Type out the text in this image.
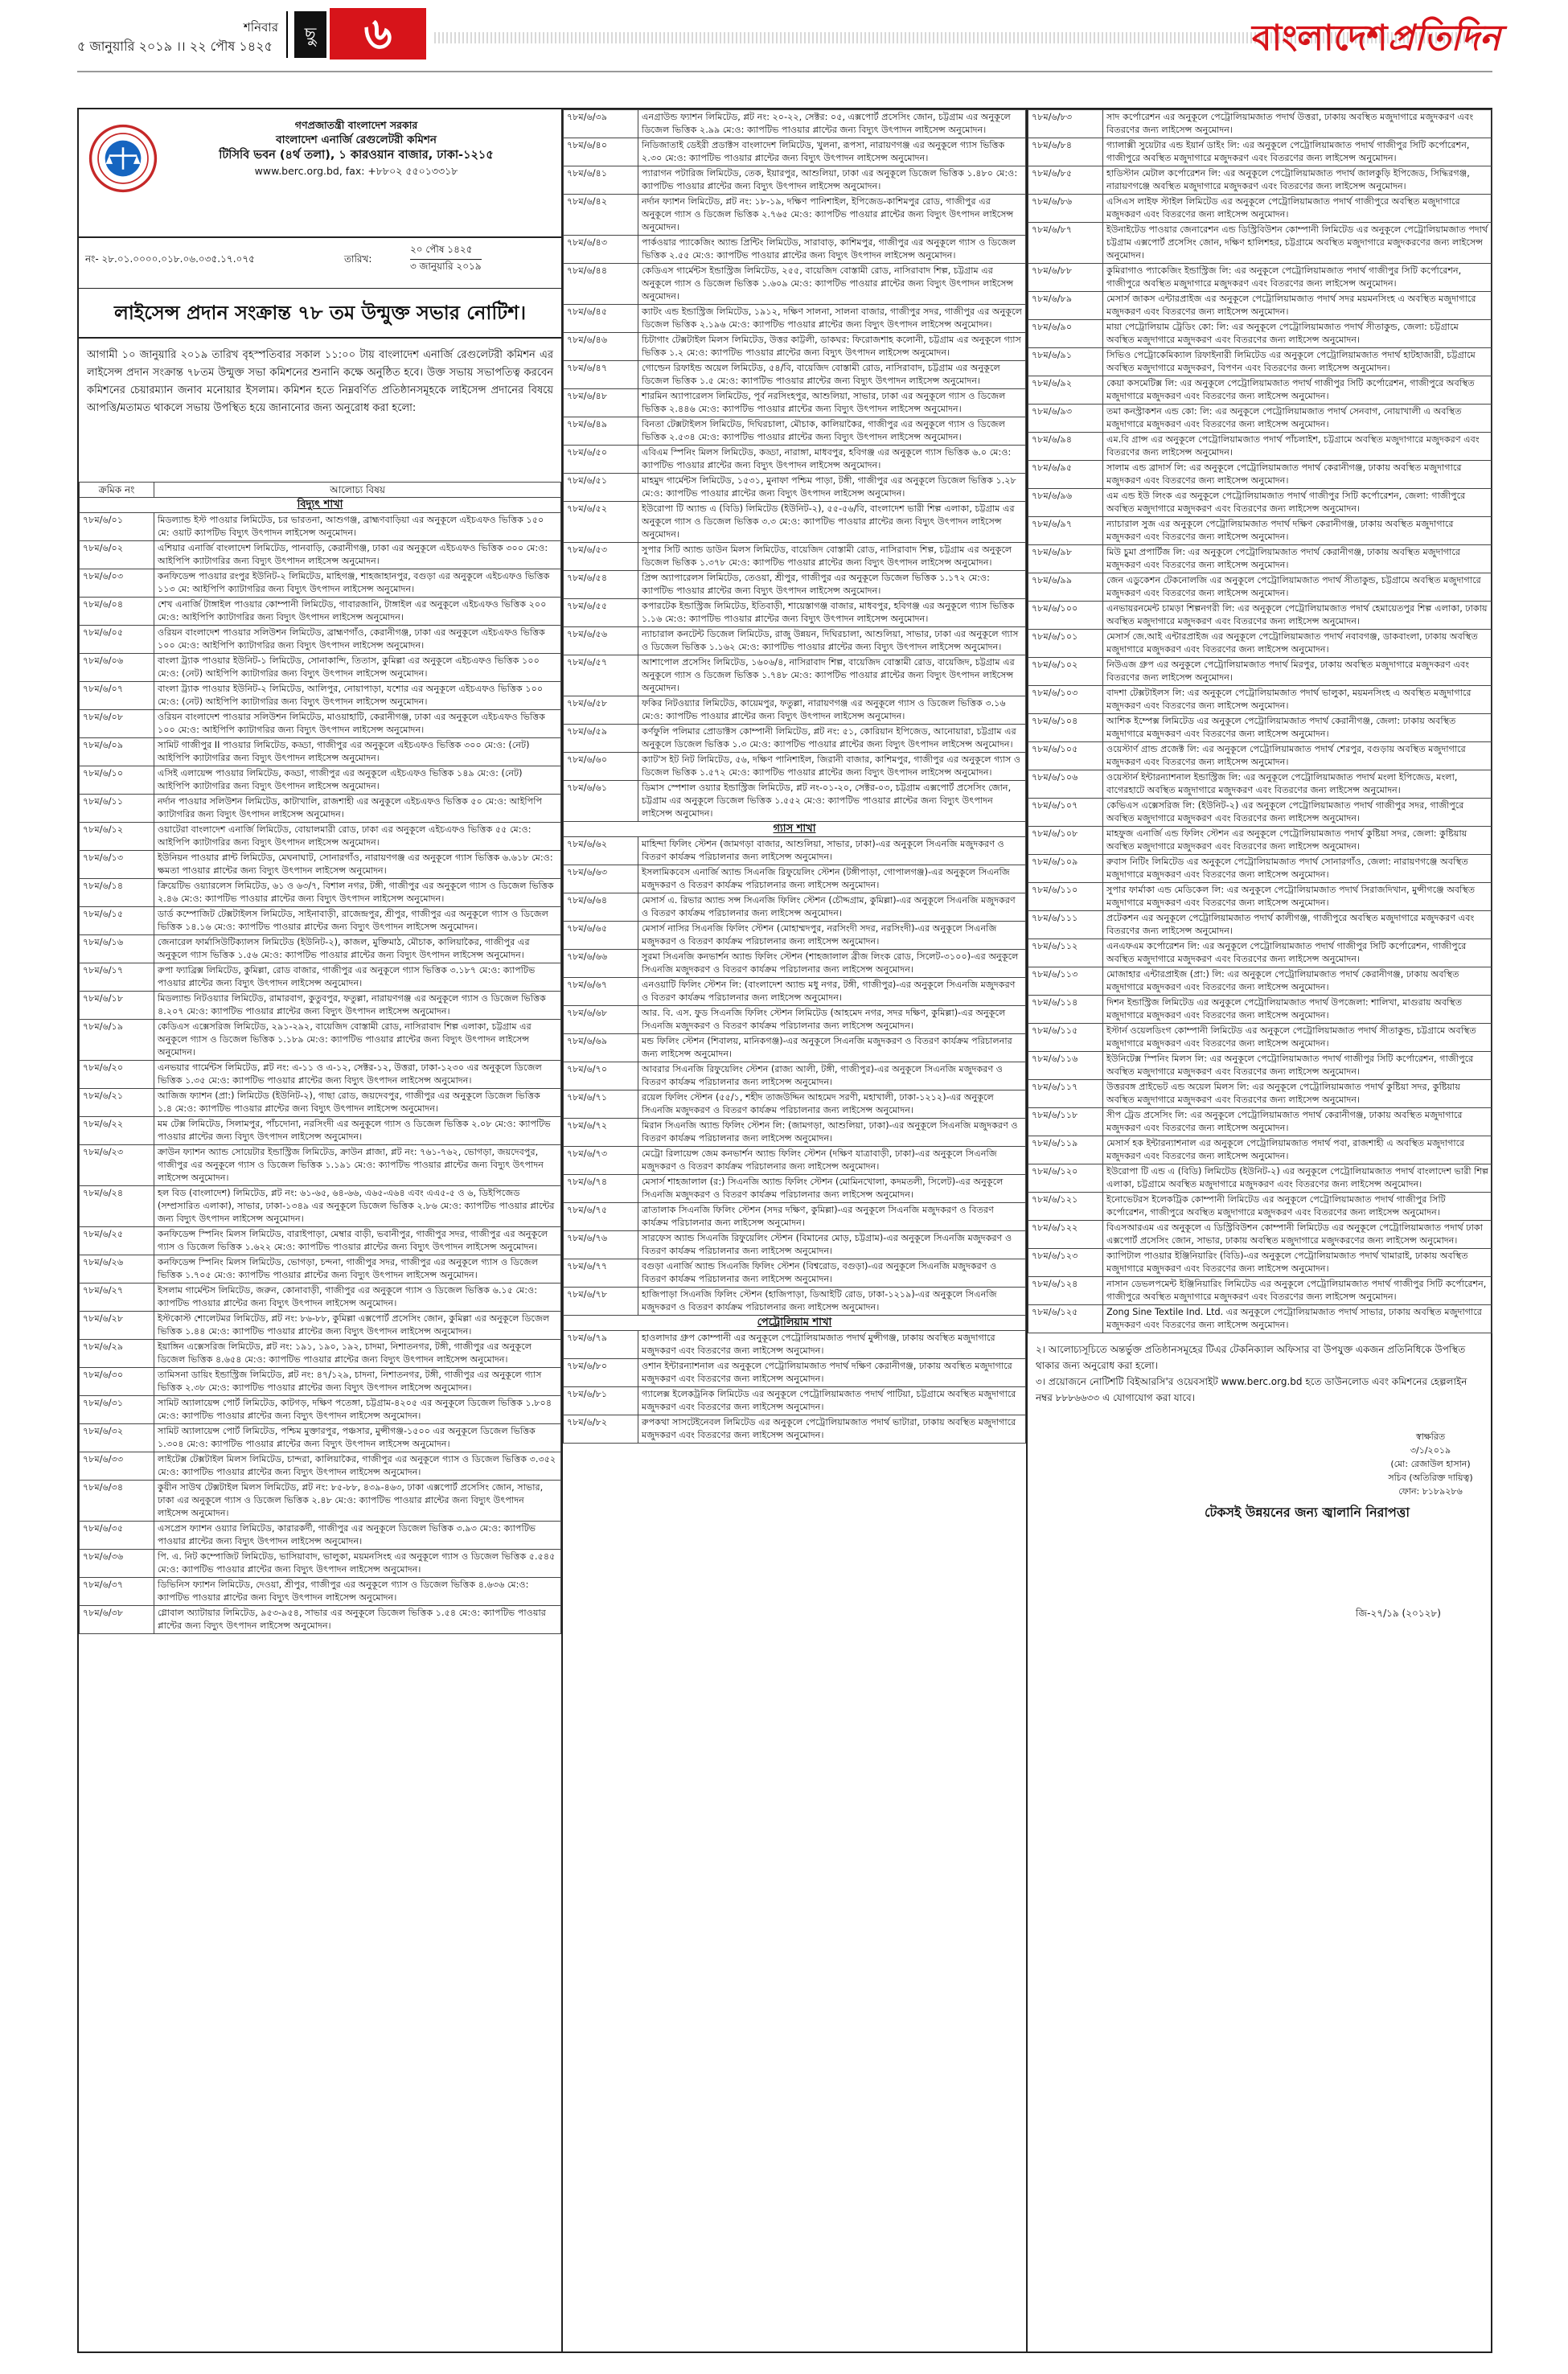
শনিবার
৫ জানুয়ারি ২০১৯ ।। ২২ পৌষ ১৪২৫
ছু	৬	বাংলাদেশপ্রতিদিন
গণপ্রজাতন্ত্রী বাংলাদেশ সরকার
বাংলাদেশ এনার্জি রেগুলেটরী কমিশন
টিসিবি ভবন (৪র্থ তলা), ১ কারওয়ান বাজার, ঢাকা-১২১৫
www.berc.org.bd, fax: +৮৮০২ ৫৫০১৩৩১৮
নং- ২৮.০১.০০০০.০১৮.০৬.০৩৫.১৭.০৭৫	তারিখ:
২০ পৌষ ১৪২৫
৩ জানুয়ারি ২০১৯
লাইসেন্স প্রদান সংক্রান্ত ৭৮ তম উন্মুক্ত সভার নোটিশ।
আগামী ১০ জানুয়ারি ২০১৯ তারিখ বৃহস্পতিবার সকাল ১১:০০ টায় বাংলাদেশ এনার্জি রেগুলেটরী কমিশন এর লাইসেন্স প্রদান সংক্রান্ত ৭৮তম উন্মুক্ত সভা কমিশনের শুনানি কক্ষে অনুষ্ঠিত হবে। উক্ত সভায় সভাপতিত্ব করবেন কমিশনের চেয়ারম্যান জনাব মনোয়ার ইসলাম। কমিশন হতে নিম্নবর্ণিত প্রতিষ্ঠানসমূহকে লাইসেন্স প্রদানের বিষয়ে আপত্তি/মতামত থাকলে সভায় উপস্থিত হয়ে জানানোর জন্য অনুরোধ করা হলো:
ক্রমিক নং	আলোচ্য বিষয়
বিদ্যুৎ শাখা	
৭৮ম/৬/০১	মিডল্যান্ড ইস্ট পাওয়ার লিমিটেড, চর ভারতনা, আশুগঞ্জ, ব্রাহ্মণবাড়িয়া এর অনুকূলে এইচএফও ভিত্তিক ১৫০ মে: ওয়াট ক্যাপটিভ বিদ্যুৎ উৎপাদন লাইসেন্স অনুমোদন।
৭৮ম/৬/০২	এশিয়ার এনার্জি বাংলাদেশ লিমিটেড, পানবাড়ি, কেরানীগঞ্জ, ঢাকা এর অনুকূলে এইচএফও ভিত্তিক ৩০০ মে:ও: আইপিপি ক্যাটাগরির জন্য বিদ্যুৎ উৎপাদন লাইসেন্স অনুমোদন।
৭৮ম/৬/০৩	কনফিডেন্স পাওয়ার রংপুর ইউনিট-২ লিমিটেড, মাহিগঞ্জ, শাহজাহানপুর, বগুড়া এর অনুকূলে এইচএফও ভিত্তিক ১১৩ মে: আইপিপি ক্যাটাগরির জন্য বিদ্যুৎ উৎপাদন লাইসেন্স অনুমোদন।
৭৮ম/৬/০৪	শেখ এনার্জি টাঙ্গাইল পাওয়ার কোম্পানী লিমিটেড, গাবারজানি, টাঙ্গাইল এর অনুকূলে এইচএফও ভিত্তিক ২০০ মে:ও: আইপিপি ক্যাটাগরির জন্য বিদ্যুৎ উৎপাদন লাইসেন্স অনুমোদন।
৭৮ম/৬/০৫	ওরিয়ন বাংলাদেশ পাওয়ার সলিউশন লিমিটেড, ব্রাহ্মণগাঁও, কেরানীগঞ্জ, ঢাকা এর অনুকূলে এইচএফও ভিত্তিক ১০০ মে:ও: আইপিপি ক্যাটাগরির জন্য বিদ্যুৎ উৎপাদন লাইসেন্স অনুমোদন।
৭৮ম/৬/০৬	বাংলা ট্র্যাক পাওয়ার ইউনিট-১ লিমিটেড, সোনাকান্দি, তিতাস, কুমিল্লা এর অনুকূলে এইচএফও ভিত্তিক ১০০ মে:ও: (নেট) আইপিপি ক্যাটাগরির জন্য বিদ্যুৎ উৎপাদন লাইসেন্স অনুমোদন।
৭৮ম/৬/০৭	বাংলা ট্র্যাক পাওয়ার ইউনিট-২ লিমিটেড, আলিপুর, নোয়াপাড়া, যশোর এর অনুকূলে এইচএফও ভিত্তিক ১০০ মে:ও: (নেট) আইপিপি ক্যাটাগরির জন্য বিদ্যুৎ উৎপাদন লাইসেন্স অনুমোদন।
৭৮ম/৬/০৮	ওরিয়ন বাংলাদেশ পাওয়ার সলিউশন লিমিটেড, মাওয়াহাটি, কেরানীগঞ্জ, ঢাকা এর অনুকূলে এইচএফও ভিত্তিক ১০০ মে:ও: আইপিপি ক্যাটাগরির জন্য বিদ্যুৎ উৎপাদন লাইসেন্স অনুমোদন।
৭৮ম/৬/০৯	সামিট গাজীপুর II পাওয়ার লিমিটেড, কড্ডা, গাজীপুর এর অনুকূলে এইচএফও ভিত্তিক ৩০০ মে:ও: (নেট) আইপিপি ক্যাটাগরির জন্য বিদ্যুৎ উৎপাদন লাইসেন্স অনুমোদন।
৭৮ম/৬/১০	এসিই এলায়েন্স পাওয়ার লিমিটেড, কড্ডা, গাজীপুর এর অনুকূলে এইচএফও ভিত্তিক ১৪৯ মে:ও: (নেট) আইপিপি ক্যাটাগরির জন্য বিদ্যুৎ উৎপাদন লাইসেন্স অনুমোদন।
৭৮ম/৬/১১	নর্দান পাওয়ার সলিউশন লিমিটেড, কাটাখালি, রাজশাহী এর অনুকূলে এইচএফও ভিত্তিক ৫০ মে:ও: আইপিপি ক্যাটাগরির জন্য বিদ্যুৎ উৎপাদন লাইসেন্স অনুমোদন।
৭৮ম/৬/১২	ওয়াটেরা বাংলাদেশ এনার্জি লিমিটেড, বোয়ালমারী রোড, ঢাকা এর অনুকূলে এইচএফও ভিত্তিক ৫৫ মে:ও: আইপিপি ক্যাটাগরির জন্য বিদ্যুৎ উৎপাদন লাইসেন্স অনুমোদন।
৭৮ম/৬/১৩	ইউনিয়ন পাওয়ার প্লান্ট লিমিটেড, মেঘনাঘাট, সোনারগাঁও, নারায়ণগঞ্জ এর অনুকূলে গ্যাস ভিত্তিক ৬.৬১৮ মে:ও: ক্ষমতা পাওয়ার প্লান্টের জন্য বিদ্যুৎ উৎপাদন লাইসেন্স অনুমোদন।
৭৮ম/৬/১৪	ক্রিয়েটিভ ওয়্যারলেস লিমিটেড, ৬১ ও ৬৩/৭, বিশাল নগর, টঙ্গী, গাজীপুর এর অনুকূলে গ্যাস ও ডিজেল ভিত্তিক ২.৪৬ মে:ও: ক্যাপটিভ পাওয়ার প্লান্টের জন্য বিদ্যুৎ উৎপাদন লাইসেন্স অনুমোদন।
৭৮ম/৬/১৫	ডার্ড কম্পোজিট টেক্সটাইলস লিমিটেড, সাইনাবাড়ী, রাজেন্দ্রপুর, শ্রীপুর, গাজীপুর এর অনুকূলে গ্যাস ও ডিজেল ভিত্তিক ১৪.১৬ মে:ও: ক্যাপটিভ পাওয়ার প্লান্টের জন্য বিদ্যুৎ উৎপাদন লাইসেন্স অনুমোদন।
৭৮ম/৬/১৬	জেনারেল ফার্মাসিউটিক্যালস লিমিটেড (ইউনিট-২), কাজল, মুক্তিমাঠ, মৌচাক, কালিয়াকৈর, গাজীপুর এর অনুকূলে গ্যাস ভিত্তিক ১.৫৬ মে:ও: ক্যাপটিভ পাওয়ার প্লান্টের জন্য বিদ্যুৎ উৎপাদন লাইসেন্স অনুমোদন।
৭৮ম/৬/১৭	রুপা ফ্যাব্রিক্স লিমিটেড, কুমিল্লা, রোড বাজার, গাজীপুর এর অনুকূলে গ্যাস ভিত্তিক ৩.১৮৭ মে:ও: ক্যাপটিভ পাওয়ার প্লান্টের জন্য বিদ্যুৎ উৎপাদন লাইসেন্স অনুমোদন।
৭৮ম/৬/১৮	মিডল্যান্ড নিটওয়্যার লিমিটেড, রামারবাগ, কুতুবপুর, ফতুল্লা, নারায়ণগঞ্জ এর অনুকূলে গ্যাস ও ডিজেল ভিত্তিক ৪.২০৭ মে:ও: ক্যাপটিভ পাওয়ার প্লান্টের জন্য বিদ্যুৎ উৎপাদন লাইসেন্স অনুমোদন।
৭৮ম/৬/১৯	কেডিএস এক্সেসরিজ লিমিটেড, ২৯১-২৯২, বায়েজিদ বোস্তামী রোড, নাসিরাবাদ শিল্প এলাকা, চট্টগ্রাম এর অনুকূলে গ্যাস ও ডিজেল ভিত্তিক ১.১৮৯ মে:ও: ক্যাপটিভ পাওয়ার প্লান্টের জন্য বিদ্যুৎ উৎপাদন লাইসেন্স অনুমোদন।
৭৮ম/৬/২০	এনভয়ার গার্মেন্টস লিমিটেড, প্লট নং: এ-১১ ও এ-১২, সেক্টর-১২, উত্তরা, ঢাকা-১২৩০ এর অনুকূলে ডিজেল ভিত্তিক ১.৩৫ মে:ও: ক্যাপটিভ পাওয়ার প্লান্টের জন্য বিদ্যুৎ উৎপাদন লাইসেন্স অনুমোদন।
৭৮ম/৬/২১	আজিজ ফ্যাশন (প্রা:) লিমিটেড (ইউনিট-২), গাছা রোড, জয়দেবপুর, গাজীপুর এর অনুকূলে ডিজেল ভিত্তিক ১.৪ মে:ও: ক্যাপটিভ পাওয়ার প্লান্টের জন্য বিদ্যুৎ উৎপাদন লাইসেন্স অনুমোদন।
৭৮ম/৬/২২	মম টেক্স লিমিটেড, সিলামপুর, পাঁচদোনা, নরসিংদী এর অনুকূলে গ্যাস ও ডিজেল ভিত্তিক ২.০৮ মে:ও: ক্যাপটিভ পাওয়ার প্লান্টের জন্য বিদ্যুৎ উৎপাদন লাইসেন্স অনুমোদন।
৭৮ম/৬/২৩	ক্রাউন ফ্যাশন অ্যান্ড সোয়েটার ইন্ডাস্ট্রিজ লিমিটেড, ক্রাউন প্লাজা, প্লট নং: ৭৬১-৭৬২, ভোগড়া, জয়দেবপুর, গাজীপুর এর অনুকূলে গ্যাস ও ডিজেল ভিত্তিক ১.১৯১ মে:ও: ক্যাপটিভ পাওয়ার প্লান্টের জন্য বিদ্যুৎ উৎপাদন লাইসেন্স অনুমোদন।
৭৮ম/৬/২৪	হল বিড (বাংলাদেশ) লিমিটেড, প্লট নং: ৬১-৬৫, ৬৪-৬৬, এ৬৫-এ৬৪ এবং এএ৫-৫ ও ৬, ডিইপিজেড (সম্প্রসারিত এলাকা), সাভার, ঢাকা-১৩৪৯ এর অনুকূলে ডিজেল ভিত্তিক ২.৮৬ মে:ও: ক্যাপটিভ পাওয়ার প্লান্টের জন্য বিদ্যুৎ উৎপাদন লাইসেন্স অনুমোদন।
৭৮ম/৬/২৫	কনফিডেন্স স্পিনিং মিলস লিমিটেড, বারাইপাড়া, মেম্বার বাড়ী, ভবানীপুর, গাজীপুর সদর, গাজীপুর এর অনুকূলে গ্যাস ও ডিজেল ভিত্তিক ১.৬২২ মে:ও: ক্যাপটিভ পাওয়ার প্লান্টের জন্য বিদ্যুৎ উৎপাদন লাইসেন্স অনুমোদন।
৭৮ম/৬/২৬	কনফিডেন্স স্পিনিং মিলস লিমিটেড, ভোগড়া, চন্দনা, গাজীপুর সদর, গাজীপুর এর অনুকূলে গ্যাস ও ডিজেল ভিত্তিক ১.৭০৫ মে:ও: ক্যাপটিভ পাওয়ার প্লান্টের জন্য বিদ্যুৎ উৎপাদন লাইসেন্স অনুমোদন।
৭৮ম/৬/২৭	ইসলাম গার্মেন্টস লিমিটেড, জরুন, কোনাবাড়ী, গাজীপুর এর অনুকূলে গ্যাস ও ডিজেল ভিত্তিক ৬.১৫ মে:ও: ক্যাপটিভ পাওয়ার প্লান্টের জন্য বিদ্যুৎ উৎপাদন লাইসেন্স অনুমোদন।
৭৮ম/৬/২৮	ইস্টকোস্ট শোলেটমর লিমিটেড, প্লট নং: ৮৬-৮৮, কুমিল্লা এক্সপোর্ট প্রসেসিং জোন, কুমিল্লা এর অনুকূলে ডিজেল ভিত্তিক ১.৪৪ মে:ও: ক্যাপটিভ পাওয়ার প্লান্টের জন্য বিদ্যুৎ উৎপাদন লাইসেন্স অনুমোদন।
৭৮ম/৬/২৯	ইয়াঙ্গিন এক্সেসরিজ লিমিটেড, প্লট নং: ১৯১, ১৯০, ১৯২, চাদমা, নিশাতনগর, টঙ্গী, গাজীপুর এর অনুকূলে ডিজেল ভিত্তিক ৪.৬৫৪ মে:ও: ক্যাপটিভ পাওয়ার প্লান্টের জন্য বিদ্যুৎ উৎপাদন লাইসেন্স অনুমোদন।
৭৮ম/৬/৩০	তামিসনা ডায়িং ইন্ডাস্ট্রিজ লিমিটেড, প্লট নং: ৪৭/১২৯, চাদনা, নিশাতনগর, টঙ্গী, গাজীপুর এর অনুকূলে গ্যাস ভিত্তিক ২.৩৮ মে:ও: ক্যাপটিভ পাওয়ার প্লান্টের জন্য বিদ্যুৎ উৎপাদন লাইসেন্স অনুমোদন।
৭৮ম/৬/৩১	সামিট অ্যালায়েন্স পোর্ট লিমিটেড, কাটগড়, দক্ষিণ পতেঙ্গা, চট্টগ্রাম-৪২০৫ এর অনুকূলে ডিজেল ভিত্তিক ১.৮০৪ মে:ও: ক্যাপটিভ পাওয়ার প্লান্টের জন্য বিদ্যুৎ উৎপাদন লাইসেন্স অনুমোদন।
৭৮ম/৬/৩২	সামিট অ্যালায়েন্স পোর্ট লিমিটেড, পশ্চিম মুক্তারপুর, পঞ্চসার, মুন্সীগঞ্জ-১৫০০ এর অনুকূলে ডিজেল ভিত্তিক ১.৩০৪ মে:ও: ক্যাপটিভ পাওয়ার প্লান্টের জন্য বিদ্যুৎ উৎপাদন লাইসেন্স অনুমোদন।
৭৮ম/৬/৩৩	লাইটেক্স টেক্সটাইল মিলস লিমিটেড, চান্দরা, কালিয়াকৈর, গাজীপুর এর অনুকূলে গ্যাস ও ডিজেল ভিত্তিক ৩.৩৫২ মে:ও: ক্যাপটিভ পাওয়ার প্লান্টের জন্য বিদ্যুৎ উৎপাদন লাইসেন্স অনুমোদন।
৭৮ম/৬/৩৪	কুয়ীন সাউথ টেক্সটাইল মিলস লিমিটেড, প্লট নং: ৮৫-৮৮, ৪৩৯-৪৬৩, ঢাকা এক্সপোর্ট প্রসেসিং জোন, সাভার, ঢাকা এর অনুকূলে গ্যাস ও ডিজেল ভিত্তিক ২.৪৮ মে:ও: ক্যাপটিভ পাওয়ার প্লান্টের জন্য বিদ্যুৎ উৎপাদন লাইসেন্স অনুমোদন।
৭৮ম/৬/৩৫	এসপ্রেস ফ্যাশন ওয়্যার লিমিটেড, কারারকর্দী, গাজীপুর এর অনুকূলে ডিজেল ভিত্তিক ৩.৯৩ মে:ও: ক্যাপটিভ পাওয়ার প্লান্টের জন্য বিদ্যুৎ উৎপাদন লাইসেন্স অনুমোদন।
৭৮ম/৬/৩৬	পি. এ. নিট কম্পোজিট লিমিটেড, ভাসিয়াবাদ, ভালুকা, ময়মনসিংহ এর অনুকূলে গ্যাস ও ডিজেল ভিত্তিক ৫.৫৪৫ মে:ও: ক্যাপটিভ পাওয়ার প্লান্টের জন্য বিদ্যুৎ উৎপাদন লাইসেন্স অনুমোদন।
৭৮ম/৬/৩৭	ডিভিনিস ফ্যাশন লিমিটেড, দেওয়া, শ্রীপুর, গাজীপুর এর অনুকূলে গ্যাস ও ডিজেল ভিত্তিক ৪.৬৩৬ মে:ও: ক্যাপটিভ পাওয়ার প্লান্টের জন্য বিদ্যুৎ উৎপাদন লাইসেন্স অনুমোদন।
৭৮ম/৬/৩৮	গ্লোবাল অ্যাটায়ার লিমিটেড, ৯৫৩-৯৫৪, সাভার এর অনুকূলে ডিজেল ভিত্তিক ১.৫৪ মে:ও: ক্যাপটিভ পাওয়ার প্লান্টের জন্য বিদ্যুৎ উৎপাদন লাইসেন্স অনুমোদন।
৭৮ম/৬/৩৯	এনগ্রাউন্ড ফ্যাশন লিমিটেড, প্লট নং: ২০-২২, সেক্টর: ০৫, এক্সপোর্ট প্রসেসিং জোন, চট্টগ্রাম এর অনুকূলে ডিজেল ভিত্তিক ২.৯৯ মে:ও: ক্যাপটিভ পাওয়ার প্লান্টের জন্য বিদ্যুৎ উৎপাদন লাইসেন্স অনুমোদন।
৭৮ম/৬/৪০	নিডিজাতাই ডেইরী প্রডাক্টস বাংলাদেশ লিমিটেড, খুলনা, রূপসা, নারায়ণগঞ্জ এর অনুকূলে গ্যাস ভিত্তিক ২.৩০ মে:ও: ক্যাপটিভ পাওয়ার প্লান্টের জন্য বিদ্যুৎ উৎপাদন লাইসেন্স অনুমোদন।
৭৮ম/৬/৪১	প্যারাগন পটারিজ লিমিটেড, তেক, ইয়ারপুর, আশুলিয়া, ঢাকা এর অনুকূলে ডিজেল ভিত্তিক ১.৪৮০ মে:ও: ক্যাপটিভ পাওয়ার প্লান্টের জন্য বিদ্যুৎ উৎপাদন লাইসেন্স অনুমোদন।
৭৮ম/৬/৪২	নর্দান ফ্যাশন লিমিটেড, প্লট নং: ১৮-১৯, দক্ষিণ পানিশাইল, ইপিজেড-কাশিমপুর রোড, গাজীপুর এর অনুকূলে গ্যাস ও ডিজেল ভিত্তিক ২.৭৬৫ মে:ও: ক্যাপটিভ পাওয়ার প্লান্টের জন্য বিদ্যুৎ উৎপাদন লাইসেন্স অনুমোদন।
৭৮ম/৬/৪৩	পার্কওয়ার প্যাকেজিং অ্যান্ড প্রিন্টিং লিমিটেড, সারাবাড়, কাশিমপুর, গাজীপুর এর অনুকূলে গ্যাস ও ডিজেল ভিত্তিক ২.৫৫ মে:ও: ক্যাপটিভ পাওয়ার প্লান্টের জন্য বিদ্যুৎ উৎপাদন লাইসেন্স অনুমোদন।
৭৮ম/৬/৪৪	কেডিএস গার্মেন্টস ইন্ডাস্ট্রিজ লিমিটেড, ২৫৫, বায়েজিদ বোস্তামী রোড, নাসিরাবাদ শিল্প, চট্টগ্রাম এর অনুকূলে গ্যাস ও ডিজেল ভিত্তিক ১.৬০৯ মে:ও: ক্যাপটিভ পাওয়ার প্লান্টের জন্য বিদ্যুৎ উৎপাদন লাইসেন্স অনুমোদন।
৭৮ম/৬/৪৫	ক্যাটং এন্ড ইন্ডাস্ট্রিজ লিমিটেড, ১৯১২, দক্ষিণ সালনা, সালনা বাজার, গাজীপুর সদর, গাজীপুর এর অনুকূলে ডিজেল ভিত্তিক ২.১৯৬ মে:ও: ক্যাপটিভ পাওয়ার প্লান্টের জন্য বিদ্যুৎ উৎপাদন লাইসেন্স অনুমোদন।
৭৮ম/৬/৪৬	চিটাগাং টেক্সটাইল মিলস লিমিটেড, উত্তর কাট্টলী, ডাকঘর: ফিরোজশাহ কলোনী, চট্টগ্রাম এর অনুকূলে গ্যাস ভিত্তিক ১.২ মে:ও: ক্যাপটিভ পাওয়ার প্লান্টের জন্য বিদ্যুৎ উৎপাদন লাইসেন্স অনুমোদন।
৭৮ম/৬/৪৭	গোল্ডেন রিফাইন্ড অয়েল লিমিটেড, ৫৪/বি, বায়েজিদ বোস্তামী রোড, নাসিরাবাদ, চট্টগ্রাম এর অনুকূলে ডিজেল ভিত্তিক ১.৫ মে:ও: ক্যাপটিভ পাওয়ার প্লান্টের জন্য বিদ্যুৎ উৎপাদন লাইসেন্স অনুমোদন।
৭৮ম/৬/৪৮	শারমিন অ্যাপারেলস লিমিটেড, পূর্ব নরসিংহপুর, আশুলিয়া, সাভার, ঢাকা এর অনুকূলে গ্যাস ও ডিজেল ভিত্তিক ২.৪৪৬ মে:ও: ক্যাপটিভ পাওয়ার প্লান্টের জন্য বিদ্যুৎ উৎপাদন লাইসেন্স অনুমোদন।
৭৮ম/৬/৪৯	বিনতা টেক্সটাইলস লিমিটেড, দিঘিরচালা, মৌচাক, কালিয়াকৈর, গাজীপুর এর অনুকূলে গ্যাস ও ডিজেল ভিত্তিক ২.৫৩৪ মে:ও: ক্যাপটিভ পাওয়ার প্লান্টের জন্য বিদ্যুৎ উৎপাদন লাইসেন্স অনুমোদন।
৭৮ম/৬/৫০	এবিএম স্পিনিং মিলস লিমিটেড, কড্ডা, নারাঙ্গা, মাধবপুর, হবিগঞ্জ এর অনুকূলে গ্যাস ভিত্তিক ৬.০ মে:ও: ক্যাপটিভ পাওয়ার প্লান্টের জন্য বিদ্যুৎ উৎপাদন লাইসেন্স অনুমোদন।
৭৮ম/৬/৫১	মাহমুদ গার্মেন্টস লিমিটেড, ১৫৩১, মুনাফা পশ্চিম পাড়া, টঙ্গী, গাজীপুর এর অনুকূলে ডিজেল ভিত্তিক ১.২৮ মে:ও: ক্যাপটিভ পাওয়ার প্লান্টের জন্য বিদ্যুৎ উৎপাদন লাইসেন্স অনুমোদন।
৭৮ম/৬/৫২	ইউরোপা টি অ্যান্ড এ (বিডি) লিমিটেড (ইউনিট-২), ৫৫-৫৬/বি, বাংলাদেশ ভারী শিল্প এলাকা, চট্টগ্রাম এর অনুকূলে গ্যাস ও ডিজেল ভিত্তিক ৩.৩ মে:ও: ক্যাপটিভ পাওয়ার প্লান্টের জন্য বিদ্যুৎ উৎপাদন লাইসেন্স অনুমোদন।
৭৮ম/৬/৫৩	সুপার সিটি অ্যান্ড ডাউন মিলস লিমিটেড, বায়েজিদ বোস্তামী রোড, নাসিরাবাদ শিল্প, চট্টগ্রাম এর অনুকূলে ডিজেল ভিত্তিক ১.৩৭৮ মে:ও: ক্যাপটিভ পাওয়ার প্লান্টের জন্য বিদ্যুৎ উৎপাদন লাইসেন্স অনুমোদন।
৭৮ম/৬/৫৪	প্রিন্স অ্যাপারেলস লিমিটেড, তেওয়া, শ্রীপুর, গাজীপুর এর অনুকূলে ডিজেল ভিত্তিক ১.১৭২ মে:ও: ক্যাপটিভ পাওয়ার প্লান্টের জন্য বিদ্যুৎ উৎপাদন লাইসেন্স অনুমোদন।
৭৮ম/৬/৫৫	কপারটেক ইন্ডাস্ট্রিজ লিমিটেড, ইতিবাড়ী, শায়েস্তাগঞ্জ বাজার, মাধবপুর, হবিগঞ্জ এর অনুকূলে গ্যাস ভিত্তিক ১.১৬ মে:ও: ক্যাপটিভ পাওয়ার প্লান্টের জন্য বিদ্যুৎ উৎপাদন লাইসেন্স অনুমোদন।
৭৮ম/৬/৫৬	ন্যাচারাল কনটেন্ট ডিজেল লিমিটেড, রাজু উন্নয়ন, দিঘিরচালা, আশুলিয়া, সাভার, ঢাকা এর অনুকূলে গ্যাস ও ডিজেল ভিত্তিক ১.১৬২ মে:ও: ক্যাপটিভ পাওয়ার প্লান্টের জন্য বিদ্যুৎ উৎপাদন লাইসেন্স অনুমোদন।
৭৮ম/৬/৫৭	আশাপোল প্রসেসিং লিমিটেড, ১৬০৬/৪, নাসিরাবাদ শিল্প, বায়েজিদ বোস্তামী রোড, বায়েজিদ, চট্টগ্রাম এর অনুকূলে গ্যাস ও ডিজেল ভিত্তিক ১.৭৪৮ মে:ও: ক্যাপটিভ পাওয়ার প্লান্টের জন্য বিদ্যুৎ উৎপাদন লাইসেন্স অনুমোদন।
৭৮ম/৬/৫৮	ফকির নিটওয়্যার লিমিটেড, কায়েমপুর, ফতুল্লা, নারায়ণগঞ্জ এর অনুকূলে গ্যাস ও ডিজেল ভিত্তিক ৩.১৬ মে:ও: ক্যাপটিভ পাওয়ার প্লান্টের জন্য বিদ্যুৎ উৎপাদন লাইসেন্স অনুমোদন।
৭৮ম/৬/৫৯	কর্ণফুলি পলিমার প্রোডাক্টস কোম্পানী লিমিটেড, প্লট নং: ৫১, কোরিয়ান ইপিজেড, আনোয়ারা, চট্টগ্রাম এর অনুকূলে ডিজেল ভিত্তিক ১.৩ মে:ও: ক্যাপটিভ পাওয়ার প্লান্টের জন্য বিদ্যুৎ উৎপাদন লাইসেন্স অনুমোদন।
৭৮ম/৬/৬০	ক্যাট'স ইট নিট লিমিটেড, ৫৬, দক্ষিণ পানিশাইল, জিরানী বাজার, কাশিমপুর, গাজীপুর এর অনুকূলে গ্যাস ও ডিজেল ভিত্তিক ১.৫৭২ মে:ও: ক্যাপটিভ পাওয়ার প্লান্টের জন্য বিদ্যুৎ উৎপাদন লাইসেন্স অনুমোদন।
৭৮ম/৬/৬১	ডিমাস স্পেশাল ওয়্যার ইন্ডাস্ট্রিজ লিমিটেড, প্লট নং-০১-২০, সেক্টর-০৩, চট্টগ্রাম এক্সপোর্ট প্রসেসিং জোন, চট্টগ্রাম এর অনুকূলে ডিজেল ভিত্তিক ১.৫৫২ মে:ও: ক্যাপটিভ পাওয়ার প্লান্টের জন্য বিদ্যুৎ উৎপাদন লাইসেন্স অনুমোদন।
গ্যাস শাখা	
৭৮ম/৬/৬২	মাহিন্দা ফিলিং স্টেশন (জামগড়া বাজার, আশুলিয়া, সাভার, ঢাকা)-এর অনুকূলে সিএনজি মজুদকরণ ও বিতরণ কার্যক্রম পরিচালনার জন্য লাইসেন্স অনুমোদন।
৭৮ম/৬/৬৩	ইসলামিকবেস এনার্জি অ্যান্ড সিএনজি রিফুয়েলিং স্টেশন (টঙ্গীপাড়া, গোপালগঞ্জ)-এর অনুকূলে সিএনজি মজুদকরণ ও বিতরণ কার্যক্রম পরিচালনার জন্য লাইসেন্স অনুমোদন।
৭৮ম/৬/৬৪	মেসার্স এ. রিভার অ্যান্ড সন্স সিএনজি ফিলিং স্টেশন (চৌদ্দগ্রাম, কুমিল্লা)-এর অনুকূলে সিএনজি মজুদকরণ ও বিতরণ কার্যক্রম পরিচালনার জন্য লাইসেন্স অনুমোদন।
৭৮ম/৬/৬৫	মেসার্স নাসির সিএনজি ফিলিং স্টেশন (মোহাম্মদপুর, নরসিংদী সদর, নরসিংদী)-এর অনুকূলে সিএনজি মজুদকরণ ও বিতরণ কার্যক্রম পরিচালনার জন্য লাইসেন্স অনুমোদন।
৭৮ম/৬/৬৬	সুরমা সিএনজি কনভার্শন অ্যান্ড ফিলিং স্টেশন (শাহজালাল ব্রীজ লিংক রোড, সিলেট-৩১০০)-এর অনুকূলে সিএনজি মজুদকরণ ও বিতরণ কার্যক্রম পরিচালনার জন্য লাইসেন্স অনুমোদন।
৭৮ম/৬/৬৭	এনওয়াটি ফিলিং স্টেশন লি: (বাংলাদেশ অ্যান্ড মধু নগর, টঙ্গী, গাজীপুর)-এর অনুকূলে সিএনজি মজুদকরণ ও বিতরণ কার্যক্রম পরিচালনার জন্য লাইসেন্স অনুমোদন।
৭৮ম/৬/৬৮	আর. বি. এস. ফুড সিএনজি ফিলিং স্টেশন লিমিটেড (আহমেদ নগর, সদর দক্ষিণ, কুমিল্লা)-এর অনুকূলে সিএনজি মজুদকরণ ও বিতরণ কার্যক্রম পরিচালনার জন্য লাইসেন্স অনুমোদন।
৭৮ম/৬/৬৯	মন্ড ফিলিং স্টেশন (শিবালয়, মানিকগঞ্জ)-এর অনুকূলে সিএনজি মজুদকরণ ও বিতরণ কার্যক্রম পরিচালনার জন্য লাইসেন্স অনুমোদন।
৭৮ম/৬/৭০	আবরার সিএনজি রিফুয়েলিং স্টেশন (রাজ্য আলী, টঙ্গী, গাজীপুর)-এর অনুকূলে সিএনজি মজুদকরণ ও বিতরণ কার্যক্রম পরিচালনার জন্য লাইসেন্স অনুমোদন।
৭৮ম/৬/৭১	রয়েল ফিলিং স্টেশন (৫৫/১, শহীদ তাজউদ্দিন আহমেদ সরণী, মহাখালী, ঢাকা-১২১২)-এর অনুকূলে সিএনজি মজুদকরণ ও বিতরণ কার্যক্রম পরিচালনার জন্য লাইসেন্স অনুমোদন।
৭৮ম/৬/৭২	মিরান সিএনজি অ্যান্ড ফিলিং স্টেশন লি: (জামগড়া, আশুলিয়া, ঢাকা)-এর অনুকূলে সিএনজি মজুদকরণ ও বিতরণ কার্যক্রম পরিচালনার জন্য লাইসেন্স অনুমোদন।
৭৮ম/৬/৭৩	মেট্রো রিলায়েন্স জেম কনভার্শন অ্যান্ড ফিলিং স্টেশন (দক্ষিণ যাত্রাবাড়ী, ঢাকা)-এর অনুকূলে সিএনজি মজুদকরণ ও বিতরণ কার্যক্রম পরিচালনার জন্য লাইসেন্স অনুমোদন।
৭৮ম/৬/৭৪	মেসার্স শাহজালাল (র:) সিএনজি অ্যান্ড ফিলিং স্টেশন (মোমিনখোলা, কদমতলী, সিলেট)-এর অনুকূলে সিএনজি মজুদকরণ ও বিতরণ কার্যক্রম পরিচালনার জন্য লাইসেন্স অনুমোদন।
৭৮ম/৬/৭৫	ত্রাতালাক সিএনজি ফিলিং স্টেশন (সদর দক্ষিণ, কুমিল্লা)-এর অনুকূলে সিএনজি মজুদকরণ ও বিতরণ কার্যক্রম পরিচালনার জন্য লাইসেন্স অনুমোদন।
৭৮ম/৬/৭৬	সারফেস অ্যান্ড সিএনজি রিফুয়েলিং স্টেশন (বিমানের মোড়, চট্টগ্রাম)-এর অনুকূলে সিএনজি মজুদকরণ ও বিতরণ কার্যক্রম পরিচালনার জন্য লাইসেন্স অনুমোদন।
৭৮ম/৬/৭৭	বগুড়া এনার্জি অ্যান্ড সিএনজি ফিলিং স্টেশন (বিশ্বরোড, বগুড়া)-এর অনুকূলে সিএনজি মজুদকরণ ও বিতরণ কার্যক্রম পরিচালনার জন্য লাইসেন্স অনুমোদন।
৭৮ম/৬/৭৮	হাজিপাড়া সিএনজি ফিলিং স্টেশন (হাজিপাড়া, ডিআইটি রোড, ঢাকা-১২১৯)-এর অনুকূলে সিএনজি মজুদকরণ ও বিতরণ কার্যক্রম পরিচালনার জন্য লাইসেন্স অনুমোদন।
পেট্রোলিয়াম শাখা	
৭৮ম/৬/৭৯	হাওলাদার গ্রুপ কোম্পানী এর অনুকূলে পেট্রোলিয়ামজাত পদার্থ মুন্সীগঞ্জ, ঢাকায় অবস্থিত মজুদাগারে মজুদকরণ এবং বিতরণের জন্য লাইসেন্স অনুমোদন।
৭৮ম/৬/৮০	ওশান ইন্টারন্যাশনাল এর অনুকূলে পেট্রোলিয়ামজাত পদার্থ দক্ষিণ কেরানীগঞ্জ, ঢাকায় অবস্থিত মজুদাগারে মজুদকরণ এবং বিতরণের জন্য লাইসেন্স অনুমোদন।
৭৮ম/৬/৮১	গ্যালেক্স ইলেকট্রনিক লিমিটেড এর অনুকূলে পেট্রোলিয়ামজাত পদার্থ পাটিয়া, চট্টগ্রামে অবস্থিত মজুদাগারে মজুদকরণ এবং বিতরণের জন্য লাইসেন্স অনুমোদন।
৭৮ম/৬/৮২	রুপকথা সাসটেইনেবল লিমিটেড এর অনুকূলে পেট্রোলিয়ামজাত পদার্থ ভাটারা, ঢাকায় অবস্থিত মজুদাগারে মজুদকরণ এবং বিতরণের জন্য লাইসেন্স অনুমোদন।
৭৮ম/৬/৮৩	সাদ কর্পোরেশন এর অনুকূলে পেট্রোলিয়ামজাত পদার্থ উত্তরা, ঢাকায় অবস্থিত মজুদাগারে মজুদকরণ এবং বিতরণের জন্য লাইসেন্স অনুমোদন।
৭৮ম/৬/৮৪	গ্যালাক্সী সুয়েটার এন্ড ইয়ার্ন ডাইং লি: এর অনুকূলে পেট্রোলিয়ামজাত পদার্থ গাজীপুর সিটি কর্পোরেশন, গাজীপুরে অবস্থিত মজুদাগারে মজুদকরণ এবং বিতরণের জন্য লাইসেন্স অনুমোদন।
৭৮ম/৬/৮৫	হাডিস্টান মেটাল কর্পোরেশন লি: এর অনুকূলে পেট্রোলিয়ামজাত পদার্থ জালকুড়ি ইপিজেড, সিদ্ধিরগঞ্জ, নারায়ণগঞ্জে অবস্থিত মজুদাগারে মজুদকরণ এবং বিতরণের জন্য লাইসেন্স অনুমোদন।
৭৮ম/৬/৮৬	এসিএস লাইফ স্টাইল লিমিটেড এর অনুকূলে পেট্রোলিয়ামজাত পদার্থ গাজীপুরে অবস্থিত মজুদাগারে মজুদকরণ এবং বিতরণের জন্য লাইসেন্স অনুমোদন।
৭৮ম/৬/৮৭	ইউনাইটেড পাওয়ার জেনারেশন এন্ড ডিস্ট্রিবিউশন কোম্পানী লিমিটেড এর অনুকূলে পেট্রোলিয়ামজাত পদার্থ চট্টগ্রাম এক্সপোর্ট প্রসেসিং জোন, দক্ষিণ হালিশহর, চট্টগ্রামে অবস্থিত মজুদাগারে মজুদকরণের জন্য লাইসেন্স অনুমোদন।
৭৮ম/৬/৮৮	কুমিরাগাও প্যাকেজিং ইন্ডাস্ট্রিজ লি: এর অনুকূলে পেট্রোলিয়ামজাত পদার্থ গাজীপুর সিটি কর্পোরেশন, গাজীপুরে অবস্থিত মজুদাগারে মজুদকরণ এবং বিতরণের জন্য লাইসেন্স অনুমোদন।
৭৮ম/৬/৮৯	মেসার্স জাকস এন্টারপ্রাইজ এর অনুকূলে পেট্রোলিয়ামজাত পদার্থ সদর ময়মনসিংহ এ অবস্থিত মজুদাগারে মজুদকরণ এবং বিতরণের জন্য লাইসেন্স অনুমোদন।
৭৮ম/৬/৯০	মায়া পেট্রোলিয়াম ট্রেডিং কো: লি: এর অনুকূলে পেট্রোলিয়ামজাত পদার্থ সীতাকুন্ড, জেলা: চট্টগ্রামে অবস্থিত মজুদাগারে মজুদকরণ এবং বিতরণের জন্য লাইসেন্স অনুমোদন।
৭৮ম/৬/৯১	সিভিও পেট্রোকেমিক্যাল রিফাইনারী লিমিটেড এর অনুকূলে পেট্রোলিয়ামজাত পদার্থ হাটহাজারী, চট্টগ্রামে অবস্থিত মজুদাগারে মজুদকরণ, বিপণন এবং বিতরণের জন্য লাইসেন্স অনুমোদন।
৭৮ম/৬/৯২	কেয়া কসমেটিক্স লি: এর অনুকূলে পেট্রোলিয়ামজাত পদার্থ গাজীপুর সিটি কর্পোরেশন, গাজীপুরে অবস্থিত মজুদাগারে মজুদকরণ এবং বিতরণের জন্য লাইসেন্স অনুমোদন।
৭৮ম/৬/৯৩	তমা কনস্ট্রাকশন এন্ড কো: লি: এর অনুকূলে পেট্রোলিয়ামজাত পদার্থ সেনবাগ, নোয়াখালী এ অবস্থিত মজুদাগারে মজুদকরণ এবং বিতরণের জন্য লাইসেন্স অনুমোদন।
৭৮ম/৬/৯৪	এম.বি গ্রান্স এর অনুকূলে পেট্রোলিয়ামজাত পদার্থ পাঁচলাইশ, চট্টগ্রামে অবস্থিত মজুদাগারে মজুদকরণ এবং বিতরণের জন্য লাইসেন্স অনুমোদন।
৭৮ম/৬/৯৫	সালাম এন্ড ব্রাদার্স লি: এর অনুকূলে পেট্রোলিয়ামজাত পদার্থ কেরানীগঞ্জ, ঢাকায় অবস্থিত মজুদাগারে মজুদকরণ এবং বিতরণের জন্য লাইসেন্স অনুমোদন।
৭৮ম/৬/৯৬	এম এন্ড ইউ লিংক এর অনুকূলে পেট্রোলিয়ামজাত পদার্থ গাজীপুর সিটি কর্পোরেশন, জেলা: গাজীপুরে অবস্থিত মজুদাগারে মজুদকরণ এবং বিতরণের জন্য লাইসেন্স অনুমোদন।
৭৮ম/৬/৯৭	ন্যাচারাল সুজ এর অনুকূলে পেট্রোলিয়ামজাত পদার্থ দক্ষিণ কেরানীগঞ্জ, ঢাকায় অবস্থিত মজুদাগারে মজুদকরণ এবং বিতরণের জন্য লাইসেন্স অনুমোদন।
৭৮ম/৬/৯৮	মিউ চুমা প্রপার্টিজ লি: এর অনুকূলে পেট্রোলিয়ামজাত পদার্থ কেরানীগঞ্জ, ঢাকায় অবস্থিত মজুদাগারে মজুদকরণ এবং বিতরণের জন্য লাইসেন্স অনুমোদন।
৭৮ম/৬/৯৯	জেন এডুকেশন টেকনোলজি এর অনুকূলে পেট্রোলিয়ামজাত পদার্থ সীতাকুন্ড, চট্টগ্রামে অবস্থিত মজুদাগারে মজুদকরণ এবং বিতরণের জন্য লাইসেন্স অনুমোদন।
৭৮ম/৬/১০০	এনভায়রনমেন্ট চামড়া শিল্পনগরী লি: এর অনুকূলে পেট্রোলিয়ামজাত পদার্থ হেমায়েতপুর শিল্প এলাকা, ঢাকায় অবস্থিত মজুদাগারে মজুদকরণ এবং বিতরণের জন্য লাইসেন্স অনুমোদন।
৭৮ম/৬/১০১	মেসার্স জে.আই এন্টারপ্রাইজ এর অনুকূলে পেট্রোলিয়ামজাত পদার্থ নবাবগঞ্জ, ডাকবাংলা, ঢাকায় অবস্থিত মজুদাগারে মজুদকরণ এবং বিতরণের জন্য লাইসেন্স অনুমোদন।
৭৮ম/৬/১০২	নিউএজ গ্রুপ এর অনুকূলে পেট্রোলিয়ামজাত পদার্থ মিরপুর, ঢাকায় অবস্থিত মজুদাগারে মজুদকরণ এবং বিতরণের জন্য লাইসেন্স অনুমোদন।
৭৮ম/৬/১০৩	বাদশা টেক্সটাইলস লি: এর অনুকূলে পেট্রোলিয়ামজাত পদার্থ ভালুকা, ময়মনসিংহ এ অবস্থিত মজুদাগারে মজুদকরণ এবং বিতরণের জন্য লাইসেন্স অনুমোদন।
৭৮ম/৬/১০৪	আশিক ইম্পেক্স লিমিটেড এর অনুকূলে পেট্রোলিয়ামজাত পদার্থ কেরানীগঞ্জ, জেলা: ঢাকায় অবস্থিত মজুদাগারে মজুদকরণ এবং বিতরণের জন্য লাইসেন্স অনুমোদন।
৭৮ম/৬/১০৫	ওয়েস্টার্ণ গ্রান্ড প্রজেক্ট লি: এর অনুকূলে পেট্রোলিয়ামজাত পদার্থ শেরপুর, বগুড়ায় অবস্থিত মজুদাগারে মজুদকরণ এবং বিতরণের জন্য লাইসেন্স অনুমোদন।
৭৮ম/৬/১০৬	ওয়েস্টার্ন ইন্টারন্যাশনাল ইন্ডাস্ট্রিজ লি: এর অনুকূলে পেট্রোলিয়ামজাত পদার্থ মংলা ইপিজেড, মংলা, বাগেরহাটে অবস্থিত মজুদাগারে মজুদকরণ এবং বিতরণের জন্য লাইসেন্স অনুমোদন।
৭৮ম/৬/১০৭	কেভিএস এক্সেসরিজ লি: (ইউনিট-২) এর অনুকূলে পেট্রোলিয়ামজাত পদার্থ গাজীপুর সদর, গাজীপুরে অবস্থিত মজুদাগারে মজুদকরণ এবং বিতরণের জন্য লাইসেন্স অনুমোদন।
৭৮ম/৬/১০৮	মাহফুজ এনার্জি এন্ড ফিলিং স্টেশন এর অনুকূলে পেট্রোলিয়ামজাত পদার্থ কুষ্টিয়া সদর, জেলা: কুষ্টিয়ায় অবস্থিত মজুদাগারে মজুদকরণ এবং বিতরণের জন্য লাইসেন্স অনুমোদন।
৭৮ম/৬/১০৯	রুবাস নিটিং লিমিটেড এর অনুকূলে পেট্রোলিয়ামজাত পদার্থ সোনারগাঁও, জেলা: নারায়ণগঞ্জে অবস্থিত মজুদাগারে মজুদকরণ এবং বিতরণের জন্য লাইসেন্স অনুমোদন।
৭৮ম/৬/১১০	সুপার ফার্মাকা এন্ড মেডিকেল লি: এর অনুকূলে পেট্রোলিয়ামজাত পদার্থ সিরাজদিখান, মুন্সীগঞ্জে অবস্থিত মজুদাগারে মজুদকরণ এবং বিতরণের জন্য লাইসেন্স অনুমোদন।
৭৮ম/৬/১১১	প্রটেকশন এর অনুকূলে পেট্রোলিয়ামজাত পদার্থ কালীগঞ্জ, গাজীপুরে অবস্থিত মজুদাগারে মজুদকরণ এবং বিতরণের জন্য লাইসেন্স অনুমোদন।
৭৮ম/৬/১১২	এনএফএম কর্পোরেশন লি: এর অনুকূলে পেট্রোলিয়ামজাত পদার্থ গাজীপুর সিটি কর্পোরেশন, গাজীপুরে অবস্থিত মজুদাগারে মজুদকরণ এবং বিতরণের জন্য লাইসেন্স অনুমোদন।
৭৮ম/৬/১১৩	মোজাহার এন্টারপ্রাইজ (প্রা:) লি: এর অনুকূলে পেট্রোলিয়ামজাত পদার্থ কেরানীগঞ্জ, ঢাকায় অবস্থিত মজুদাগারে মজুদকরণ এবং বিতরণের জন্য লাইসেন্স অনুমোদন।
৭৮ম/৬/১১৪	দিশন ইন্ডাস্ট্রিজ লিমিটেড এর অনুকূলে পেট্রোলিয়ামজাত পদার্থ উপজেলা: শালিখা, মাগুরায় অবস্থিত মজুদাগারে মজুদকরণ এবং বিতরণের জন্য লাইসেন্স অনুমোদন।
৭৮ম/৬/১১৫	ইস্টার্ন ওয়েলডিংগ কোম্পানী লিমিটেড এর অনুকূলে পেট্রোলিয়ামজাত পদার্থ সীতাকুন্ড, চট্টগ্রামে অবস্থিত মজুদাগারে মজুদকরণ এবং বিতরণের জন্য লাইসেন্স অনুমোদন।
৭৮ম/৬/১১৬	ইউনিটেক্স স্পিনিং মিলস লি: এর অনুকূলে পেট্রোলিয়ামজাত পদার্থ গাজীপুর সিটি কর্পোরেশন, গাজীপুরে অবস্থিত মজুদাগারে মজুদকরণ এবং বিতরণের জন্য লাইসেন্স অনুমোদন।
৭৮ম/৬/১১৭	উত্তরবঙ্গ প্রাইভেট এন্ড অয়েল মিলস লি: এর অনুকূলে পেট্রোলিয়ামজাত পদার্থ কুষ্টিয়া সদর, কুষ্টিয়ায় অবস্থিত মজুদাগারে মজুদকরণ এবং বিতরণের জন্য লাইসেন্স অনুমোদন।
৭৮ম/৬/১১৮	সীপ ট্রেড প্রসেসিং লি: এর অনুকূলে পেট্রোলিয়ামজাত পদার্থ কেরানীগঞ্জ, ঢাকায় অবস্থিত মজুদাগারে মজুদকরণ এবং বিতরণের জন্য লাইসেন্স অনুমোদন।
৭৮ম/৬/১১৯	মেসার্স হক ইন্টারন্যাশনাল এর অনুকূলে পেট্রোলিয়ামজাত পদার্থ পবা, রাজশাহী এ অবস্থিত মজুদাগারে মজুদকরণ এবং বিতরণের জন্য লাইসেন্স অনুমোদন।
৭৮ম/৬/১২০	ইউরোপা টি এন্ড এ (বিডি) লিমিটেড (ইউনিট-২) এর অনুকূলে পেট্রোলিয়ামজাত পদার্থ বাংলাদেশ ভারী শিল্প এলাকা, চট্টগ্রামে অবস্থিত মজুদাগারে মজুদকরণ এবং বিতরণের জন্য লাইসেন্স অনুমোদন।
৭৮ম/৬/১২১	ইনোভেটরস ইলেকট্রিক কোম্পানী লিমিটেড এর অনুকূলে পেট্রোলিয়ামজাত পদার্থ গাজীপুর সিটি কর্পোরেশন, গাজীপুরে অবস্থিত মজুদাগারে মজুদকরণ এবং বিতরণের জন্য লাইসেন্স অনুমোদন।
৭৮ম/৬/১২২	বিএসআরএম এর অনুকূলে এ ডিস্ট্রিবিউশন কোম্পানী লিমিটেড এর অনুকূলে পেট্রোলিয়ামজাত পদার্থ ঢাকা এক্সপোর্ট প্রসেসিং জোন, সাভার, ঢাকায় অবস্থিত মজুদাগারে মজুদকরণের জন্য লাইসেন্স অনুমোদন।
৭৮ম/৬/১২৩	ক্যাপিটাল পাওয়ার ইঞ্জিনিয়ারিং (বিডি)-এর অনুকূলে পেট্রোলিয়ামজাত পদার্থ খামারাই, ঢাকায় অবস্থিত মজুদাগারে মজুদকরণ এবং বিতরণের জন্য লাইসেন্স অনুমোদন।
৭৮ম/৬/১২৪	নাসান ডেভলপমেন্ট ইঞ্জিনিয়ারিং লিমিটেড এর অনুকূলে পেট্রোলিয়ামজাত পদার্থ গাজীপুর সিটি কর্পোরেশন, গাজীপুরে অবস্থিত মজুদাগারে মজুদকরণ এবং বিতরণের জন্য লাইসেন্স অনুমোদন।
৭৮ম/৬/১২৫	Zong Sine Textile Ind. Ltd. এর অনুকূলে পেট্রোলিয়ামজাত পদার্থ সাভার, ঢাকায় অবস্থিত মজুদাগারে মজুদকরণ এবং বিতরণের জন্য লাইসেন্স অনুমোদন।
২। আলোচ্যসূচিতে অন্তর্ভুক্ত প্রতিষ্ঠানসমূহের টিএর টেকনিক্যাল অফিসার বা উপযুক্ত একজন প্রতিনিধিকে উপস্থিত থাকার জন্য অনুরোধ করা হলো।
৩। প্রয়োজনে নোটিশটি বিইআরসি'র ওয়েবসাইট www.berc.org.bd হতে ডাউনলোড এবং কমিশনের হেল্পলাইন নম্বর ৮৮৮৬৬৩৩ এ যোগাযোগ করা যাবে।
স্বাক্ষরিত
৩/১/২০১৯
(মো: রেজাউল হাসান)
সচিব (অতিরিক্ত দায়িত্ব)
ফোন: ৮১৮৯২৮৬
টেকসই উন্নয়নের জন্য জ্বালানি নিরাপত্তা
জি-২৭/১৯ (২০১২৮)
